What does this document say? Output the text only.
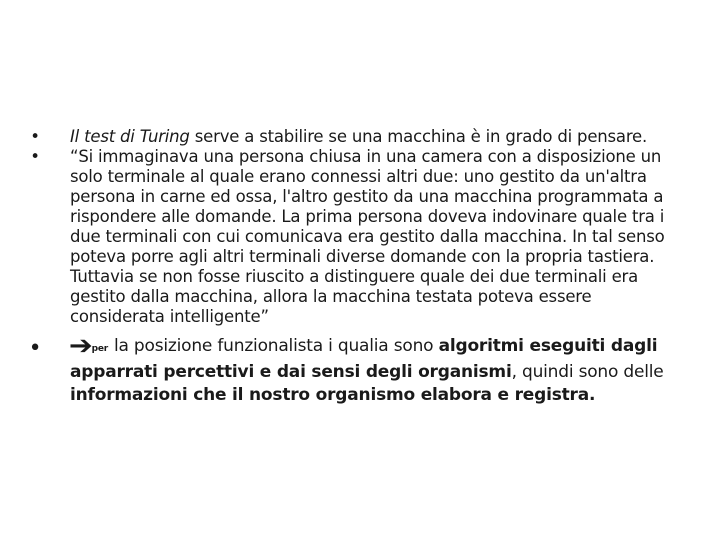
• Il test di Turing serve a stabilire se una macchina è in grado di pensare.
• “Si immaginava una persona chiusa in una camera con a disposizione un solo terminale al quale erano connessi altri due: uno gestito da un'altra persona in carne ed ossa, l'altro gestito da una macchina programmata a rispondere alle domande. La prima persona doveva indovinare quale tra i due terminali con cui comunicava era gestito dalla macchina. In tal senso poteva porre agli altri terminali diverse domande con la propria tastiera. Tuttavia se non fosse riuscito a distinguere quale dei due terminali era gestito dalla macchina, allora la macchina testata poteva essere considerata intelligente”
• ➔per la posizione funzionalista i qualia sono algoritmi eseguiti dagli apparrati percettivi e dai sensi degli organismi, quindi sono delle informazioni che il nostro organismo elabora e registra.
